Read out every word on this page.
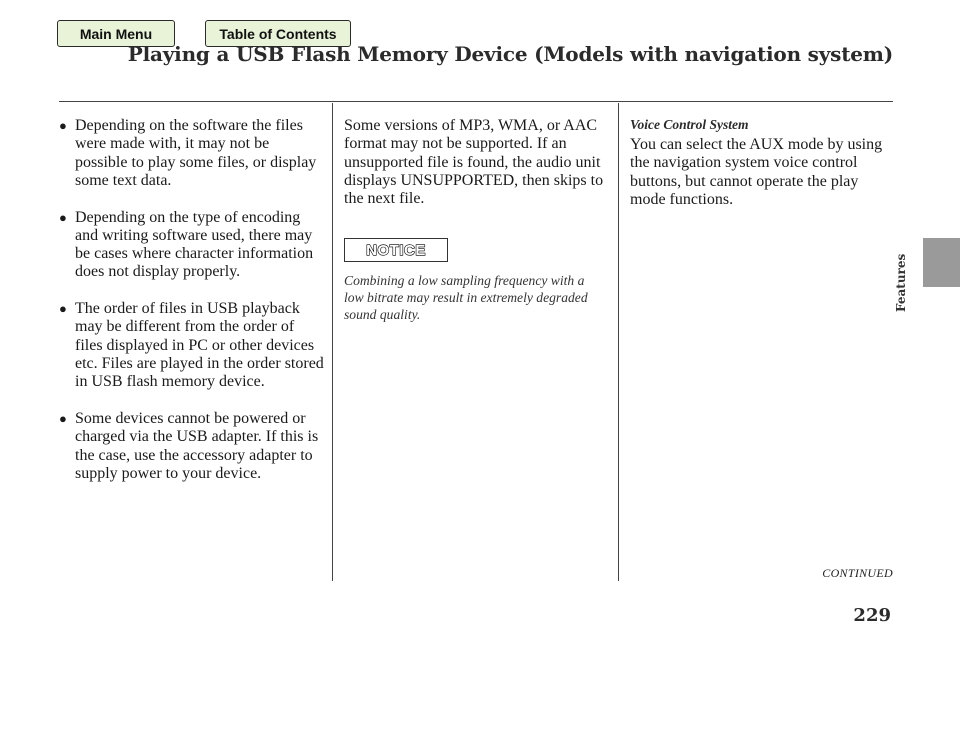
Main Menu	Table of Contents
Playing a USB Flash Memory Device (Models with navigation system)
● Depending on the software the files were made with, it may not be possible to play some files, or display some text data.
● Depending on the type of encoding and writing software used, there may be cases where character information does not display properly.
● The order of files in USB playback may be different from the order of files displayed in PC or other devices etc. Files are played in the order stored in USB flash memory device.
● Some devices cannot be powered or charged via the USB adapter. If this is the case, use the accessory adapter to supply power to your device.
Some versions of MP3, WMA, or AAC format may not be supported. If an unsupported file is found, the audio unit displays UNSUPPORTED, then skips to the next file.
NOTICE
Combining a low sampling frequency with a low bitrate may result in extremely degraded sound quality.
Voice Control System
You can select the AUX mode by using the navigation system voice control buttons, but cannot operate the play mode functions.
CONTINUED
229
Features
